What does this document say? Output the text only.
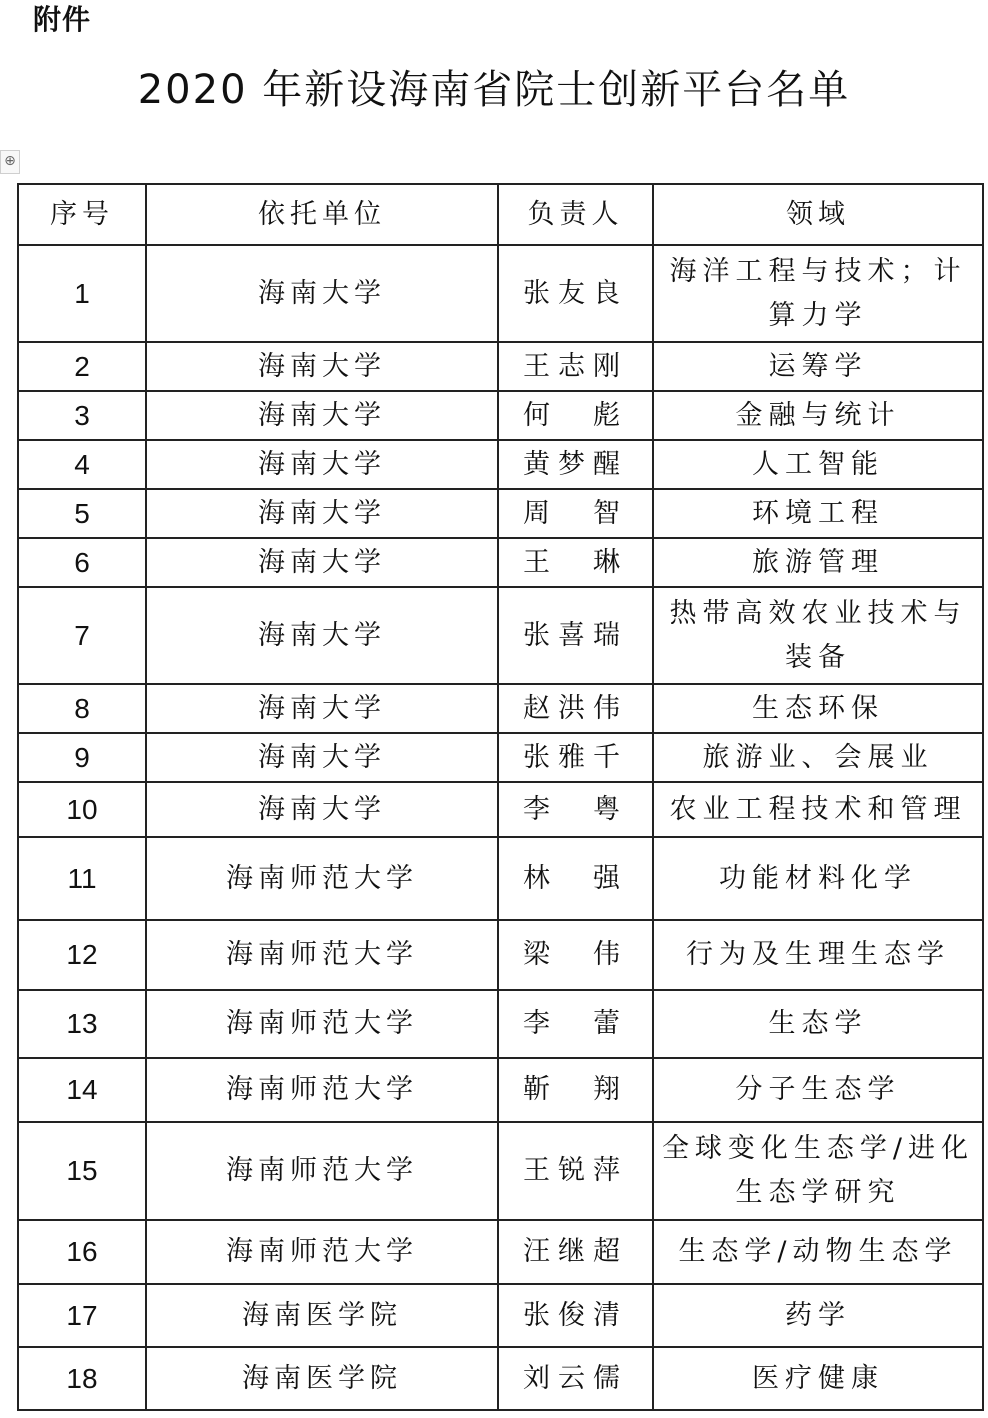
附件
2020 年新设海南省院士创新平台名单
⊕
序号	依托单位	负责人	领域
1	海南大学	张友良	海洋工程与技术；计算力学
2	海南大学	王志刚	运筹学
3	海南大学	何　彪	金融与统计
4	海南大学	黄梦醒	人工智能
5	海南大学	周　智	环境工程
6	海南大学	王　琳	旅游管理
7	海南大学	张喜瑞	热带高效农业技术与装备
8	海南大学	赵洪伟	生态环保
9	海南大学	张雅千	旅游业、会展业
10	海南大学	李　粤	农业工程技术和管理
11	海南师范大学	林　强	功能材料化学
12	海南师范大学	梁　伟	行为及生理生态学
13	海南师范大学	李　蕾	生态学
14	海南师范大学	靳　翔	分子生态学
15	海南师范大学	王锐萍	全球变化生态学/进化生态学研究
16	海南师范大学	汪继超	生态学/动物生态学
17	海南医学院	张俊清	药学
18	海南医学院	刘云儒	医疗健康
